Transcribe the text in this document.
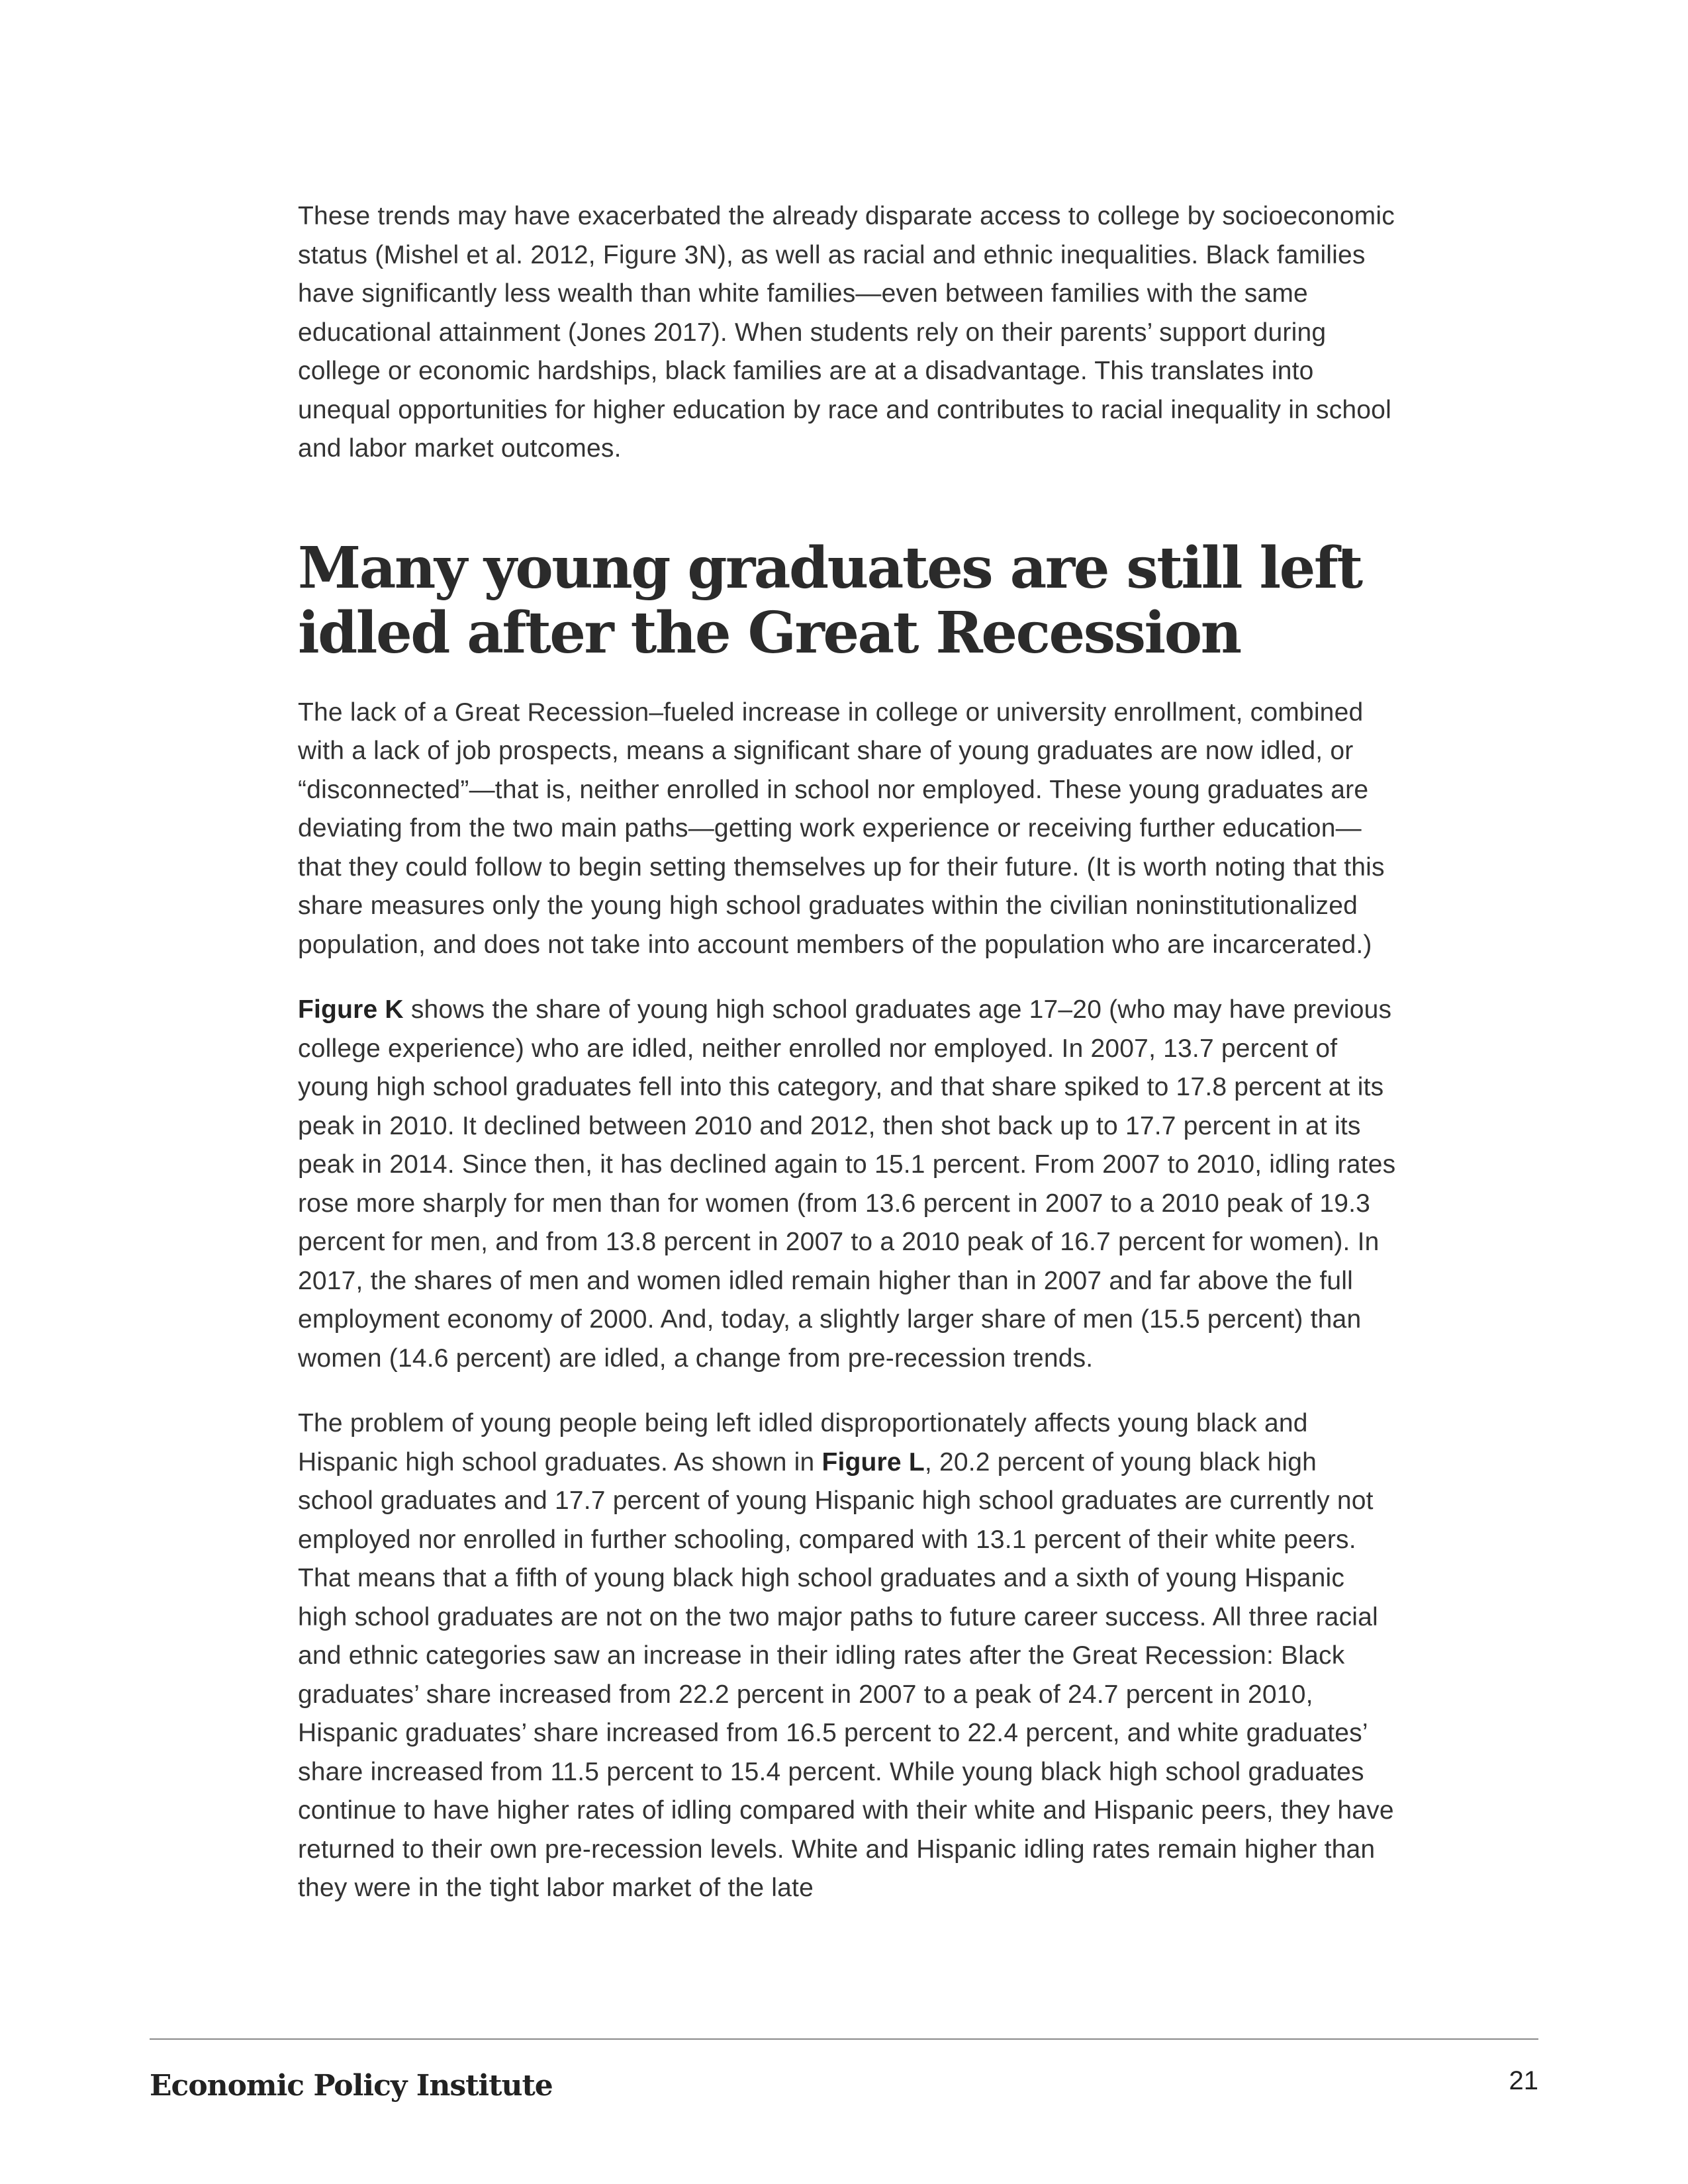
These trends may have exacerbated the already disparate access to college by socioeconomic status (Mishel et al. 2012, Figure 3N), as well as racial and ethnic inequalities. Black families have significantly less wealth than white families—even between families with the same educational attainment (Jones 2017). When students rely on their parents’ support during college or economic hardships, black families are at a disadvantage. This translates into unequal opportunities for higher education by race and contributes to racial inequality in school and labor market outcomes.

Many young graduates are still left idled after the Great Recession

The lack of a Great Recession–fueled increase in college or university enrollment, combined with a lack of job prospects, means a significant share of young graduates are now idled, or “disconnected”—that is, neither enrolled in school nor employed. These young graduates are deviating from the two main paths—getting work experience or receiving further education—that they could follow to begin setting themselves up for their future. (It is worth noting that this share measures only the young high school graduates within the civilian noninstitutionalized population, and does not take into account members of the population who are incarcerated.)

Figure K shows the share of young high school graduates age 17–20 (who may have previous college experience) who are idled, neither enrolled nor employed. In 2007, 13.7 percent of young high school graduates fell into this category, and that share spiked to 17.8 percent at its peak in 2010. It declined between 2010 and 2012, then shot back up to 17.7 percent in at its peak in 2014. Since then, it has declined again to 15.1 percent. From 2007 to 2010, idling rates rose more sharply for men than for women (from 13.6 percent in 2007 to a 2010 peak of 19.3 percent for men, and from 13.8 percent in 2007 to a 2010 peak of 16.7 percent for women). In 2017, the shares of men and women idled remain higher than in 2007 and far above the full employment economy of 2000. And, today, a slightly larger share of men (15.5 percent) than women (14.6 percent) are idled, a change from pre-recession trends.

The problem of young people being left idled disproportionately affects young black and Hispanic high school graduates. As shown in Figure L, 20.2 percent of young black high school graduates and 17.7 percent of young Hispanic high school graduates are currently not employed nor enrolled in further schooling, compared with 13.1 percent of their white peers. That means that a fifth of young black high school graduates and a sixth of young Hispanic high school graduates are not on the two major paths to future career success. All three racial and ethnic categories saw an increase in their idling rates after the Great Recession: Black graduates’ share increased from 22.2 percent in 2007 to a peak of 24.7 percent in 2010, Hispanic graduates’ share increased from 16.5 percent to 22.4 percent, and white graduates’ share increased from 11.5 percent to 15.4 percent. While young black high school graduates continue to have higher rates of idling compared with their white and Hispanic peers, they have returned to their own pre-recession levels. White and Hispanic idling rates remain higher than they were in the tight labor market of the late

Economic Policy Institute	21
